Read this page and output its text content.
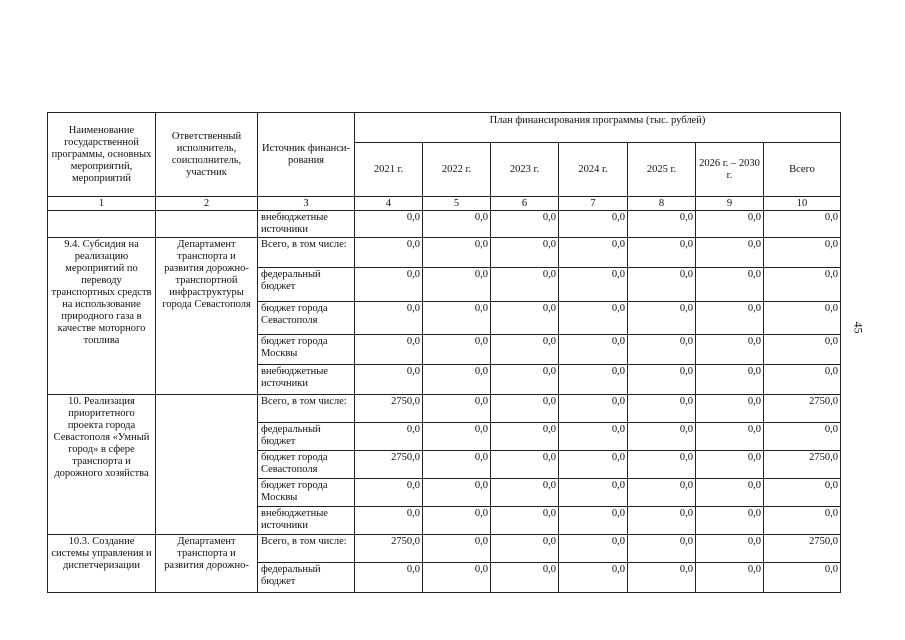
Наименование государственной программы, основных мероприятий, мероприятий	Ответственный исполнитель, соисполнитель, участник	Источник финанси-рования	План финансирования программы (тыс. рублей)						
			2021 г.	2022 г.	2023 г.	2024 г.	2025 г.	2026 г. – 2030 г.	Всего
1	2	3	4	5	6	7	8	9	10
		внебюджетные источники	0,0	0,0	0,0	0,0	0,0	0,0	0,0
9.4. Субсидия на реализацию мероприятий по переводу транспортных средств на использование природного газа в качестве моторного топлива	Департамент транспорта и развития дорожно-транспортной инфраструктуры города Севастополя	Всего, в том числе:	0,0	0,0	0,0	0,0	0,0	0,0	0,0
		федеральный бюджет	0,0	0,0	0,0	0,0	0,0	0,0	0,0
		бюджет города Севастополя	0,0	0,0	0,0	0,0	0,0	0,0	0,0
		бюджет города Москвы	0,0	0,0	0,0	0,0	0,0	0,0	0,0
		внебюджетные источники	0,0	0,0	0,0	0,0	0,0	0,0	0,0
10. Реализация приоритетного проекта города Севастополя «Умный город» в сфере транспорта и дорожного хозяйства		Всего, в том числе:	2750,0	0,0	0,0	0,0	0,0	0,0	2750,0
		федеральный бюджет	0,0	0,0	0,0	0,0	0,0	0,0	0,0
		бюджет города Севастополя	2750,0	0,0	0,0	0,0	0,0	0,0	2750,0
		бюджет города Москвы	0,0	0,0	0,0	0,0	0,0	0,0	0,0
		внебюджетные источники	0,0	0,0	0,0	0,0	0,0	0,0	0,0
10.3. Создание системы управления и диспетчеризации	Департамент транспорта и развития дорожно-	Всего, в том числе:	2750,0	0,0	0,0	0,0	0,0	0,0	2750,0
		федеральный бюджет	0,0	0,0	0,0	0,0	0,0	0,0	0,0
45
